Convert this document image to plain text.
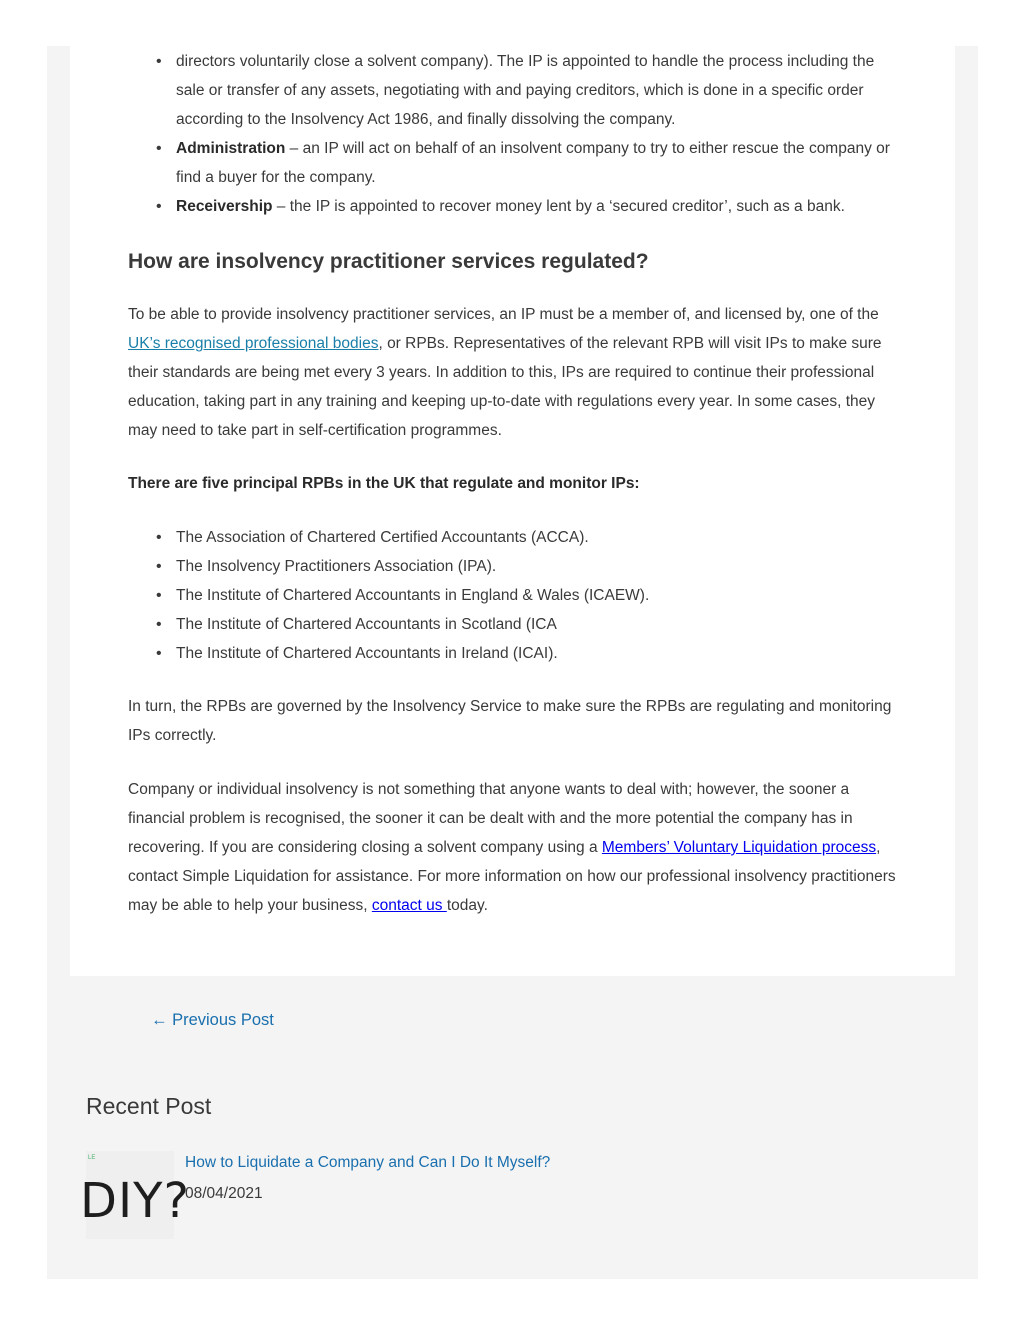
• directors voluntarily close a solvent company). The IP is appointed to handle the process including the sale or transfer of any assets, negotiating with and paying creditors, which is done in a specific order according to the Insolvency Act 1986, and finally dissolving the company.
• Administration – an IP will act on behalf of an insolvent company to try to either rescue the company or find a buyer for the company.
• Receivership – the IP is appointed to recover money lent by a ‘secured creditor’, such as a bank.
How are insolvency practitioner services regulated?

To be able to provide insolvency practitioner services, an IP must be a member of, and licensed by, one of the UK’s recognised professional bodies, or RPBs. Representatives of the relevant RPB will visit IPs to make sure their standards are being met every 3 years. In addition to this, IPs are required to continue their professional education, taking part in any training and keeping up-to-date with regulations every year. In some cases, they may need to take part in self-certification programmes.

There are five principal RPBs in the UK that regulate and monitor IPs:

• The Association of Chartered Certified Accountants (ACCA).
• The Insolvency Practitioners Association (IPA).
• The Institute of Chartered Accountants in England & Wales (ICAEW).
• The Institute of Chartered Accountants in Scotland (ICA
• The Institute of Chartered Accountants in Ireland (ICAI).

In turn, the RPBs are governed by the Insolvency Service to make sure the RPBs are regulating and monitoring IPs correctly.

Company or individual insolvency is not something that anyone wants to deal with; however, the sooner a financial problem is recognised, the sooner it can be dealt with and the more potential the company has in recovering. If you are considering closing a solvent company using a Members’ Voluntary Liquidation process, contact Simple Liquidation for assistance. For more information on how our professional insolvency practitioners may be able to help your business, contact us today.

← Previous Post
Recent Post
LE
DIY?
How to Liquidate a Company and Can I Do It Myself?
08/04/2021
